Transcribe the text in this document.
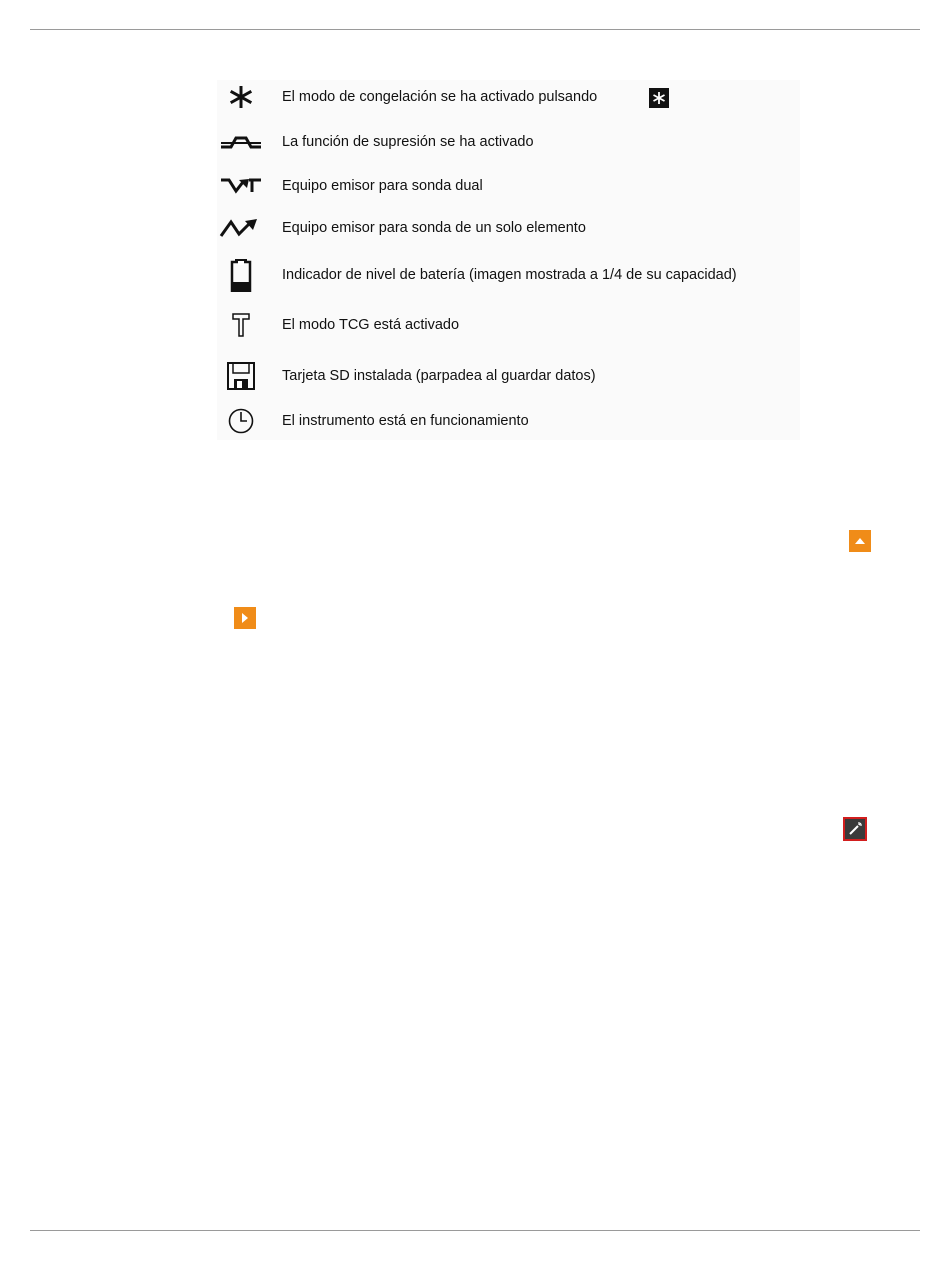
El modo de congelación se ha activado pulsando
La función de supresión se ha activado
Equipo emisor para sonda dual
Equipo emisor para sonda de un solo elemento
Indicador de nivel de batería (imagen mostrada a 1/4 de su capacidad)
El modo TCG está activado
Tarjeta SD instalada (parpadea al guardar datos)
El instrumento está en funcionamiento
